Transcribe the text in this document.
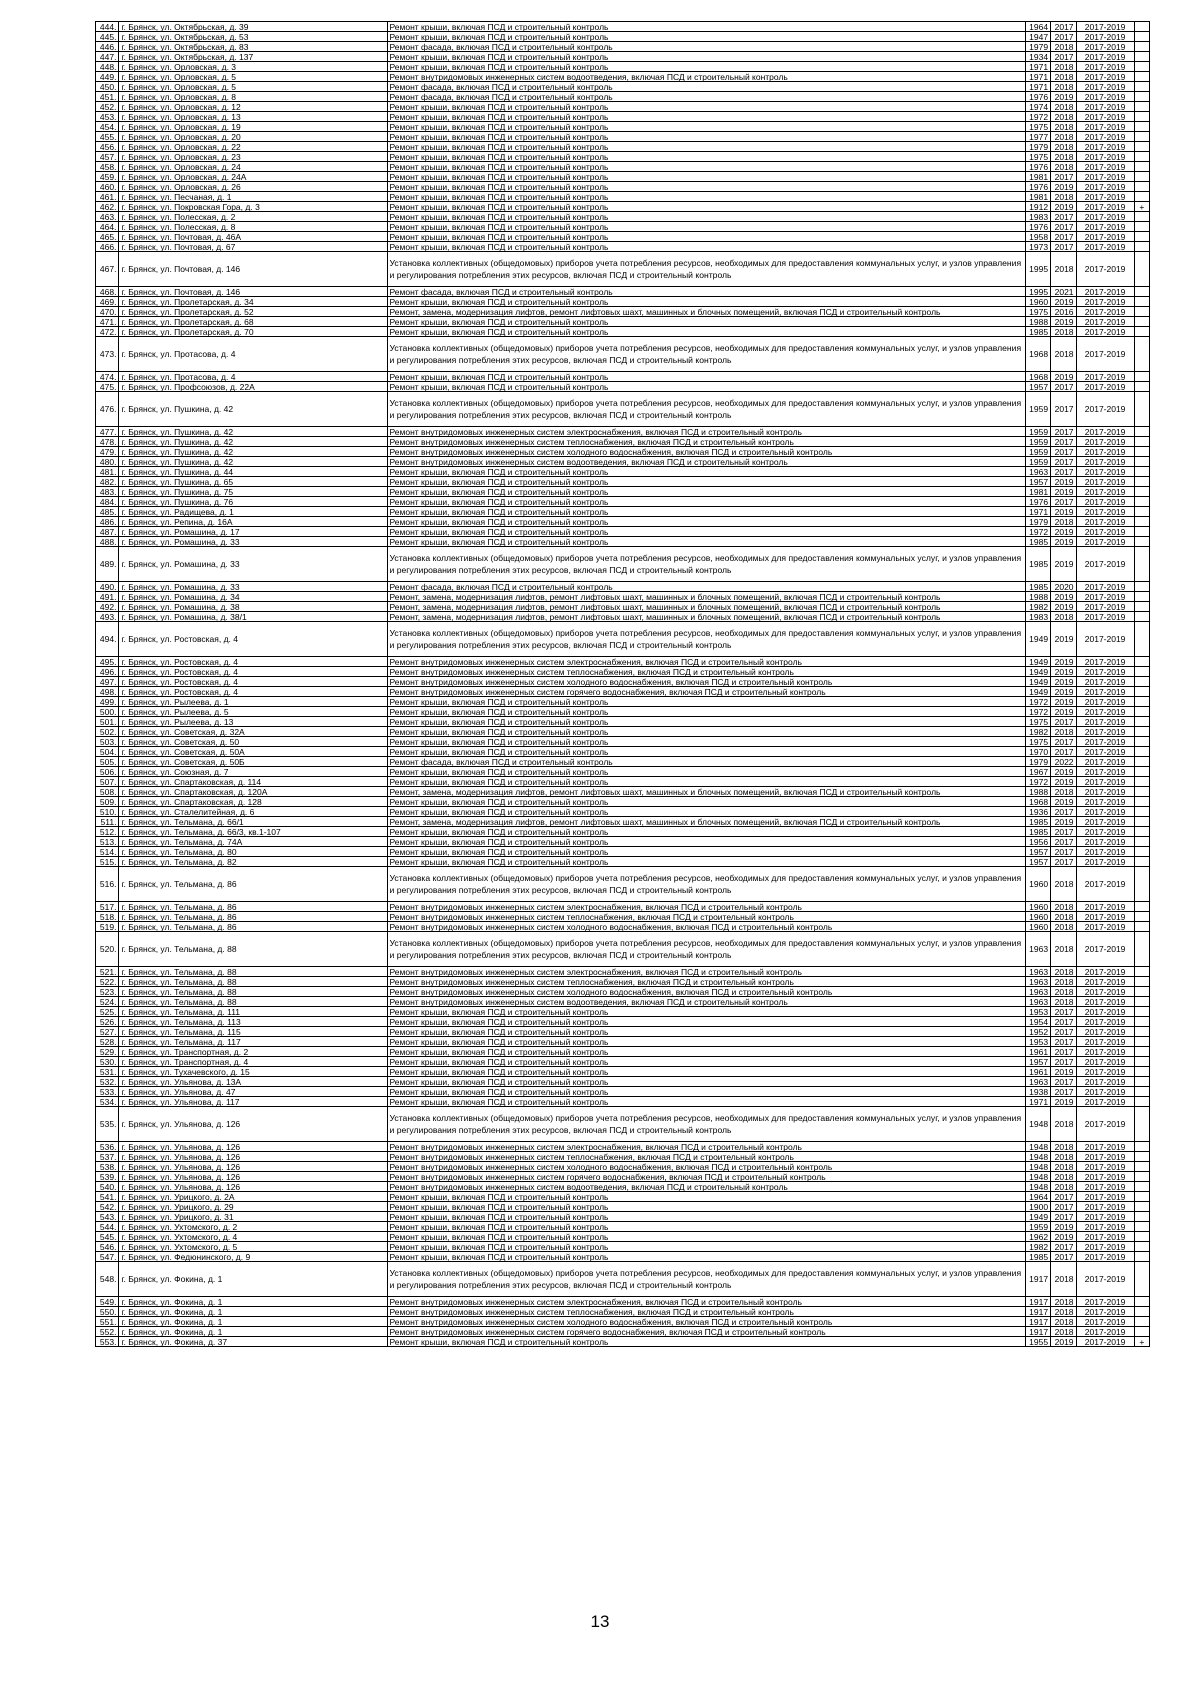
444.	г. Брянск, ул. Октябрьская, д. 39	Ремонт крыши, включая ПСД и строительный контроль	1964	2017	2017-2019	
445.	г. Брянск, ул. Октябрьская, д. 53	Ремонт крыши, включая ПСД и строительный контроль	1947	2017	2017-2019	
446.	г. Брянск, ул. Октябрьская, д. 83	Ремонт фасада, включая ПСД и строительный контроль	1979	2018	2017-2019	
447.	г. Брянск, ул. Октябрьская, д. 137	Ремонт крыши, включая ПСД и строительный контроль	1934	2017	2017-2019	
448.	г. Брянск, ул. Орловская, д. 3	Ремонт крыши, включая ПСД и строительный контроль	1971	2018	2017-2019	
449.	г. Брянск, ул. Орловская, д. 5	Ремонт внутридомовых инженерных систем водоотведения, включая ПСД и строительный контроль	1971	2018	2017-2019	
450.	г. Брянск, ул. Орловская, д. 5	Ремонт фасада, включая ПСД и строительный контроль	1971	2018	2017-2019	
451.	г. Брянск, ул. Орловская, д. 8	Ремонт фасада, включая ПСД и строительный контроль	1976	2019	2017-2019	
452.	г. Брянск, ул. Орловская, д. 12	Ремонт крыши, включая ПСД и строительный контроль	1974	2018	2017-2019	
453.	г. Брянск, ул. Орловская, д. 13	Ремонт крыши, включая ПСД и строительный контроль	1972	2018	2017-2019	
454.	г. Брянск, ул. Орловская, д. 19	Ремонт крыши, включая ПСД и строительный контроль	1975	2018	2017-2019	
455.	г. Брянск, ул. Орловская, д. 20	Ремонт крыши, включая ПСД и строительный контроль	1977	2018	2017-2019	
456.	г. Брянск, ул. Орловская, д. 22	Ремонт крыши, включая ПСД и строительный контроль	1979	2018	2017-2019	
457.	г. Брянск, ул. Орловская, д. 23	Ремонт крыши, включая ПСД и строительный контроль	1975	2018	2017-2019	
458.	г. Брянск, ул. Орловская, д. 24	Ремонт крыши, включая ПСД и строительный контроль	1976	2018	2017-2019	
459.	г. Брянск, ул. Орловская, д. 24А	Ремонт крыши, включая ПСД и строительный контроль	1981	2017	2017-2019	
460.	г. Брянск, ул. Орловская, д. 26	Ремонт крыши, включая ПСД и строительный контроль	1976	2019	2017-2019	
461.	г. Брянск, ул. Песчаная, д. 1	Ремонт крыши, включая ПСД и строительный контроль	1981	2018	2017-2019	
462.	г. Брянск, ул. Покровская Гора, д. 3	Ремонт крыши, включая ПСД и строительный контроль	1912	2019	2017-2019	+
463.	г. Брянск, ул. Полесская, д. 2	Ремонт крыши, включая ПСД и строительный контроль	1983	2017	2017-2019	
464.	г. Брянск, ул. Полесская, д. 8	Ремонт крыши, включая ПСД и строительный контроль	1976	2017	2017-2019	
465.	г. Брянск, ул. Почтовая, д. 46А	Ремонт крыши, включая ПСД и строительный контроль	1958	2017	2017-2019	
466.	г. Брянск, ул. Почтовая, д. 67	Ремонт крыши, включая ПСД и строительный контроль	1973	2017	2017-2019	
467.	г. Брянск, ул. Почтовая, д. 146	Установка коллективных (общедомовых) приборов учета потребления ресурсов, необходимых для предоставления коммунальных услуг, и узлов управления и регулирования потребления этих ресурсов, включая ПСД и строительный контроль	1995	2018	2017-2019	
468.	г. Брянск, ул. Почтовая, д. 146	Ремонт фасада, включая ПСД и строительный контроль	1995	2021	2017-2019	
469.	г. Брянск, ул. Пролетарская, д. 34	Ремонт крыши, включая ПСД и строительный контроль	1960	2019	2017-2019	
470.	г. Брянск, ул. Пролетарская, д. 52	Ремонт, замена, модернизация лифтов, ремонт лифтовых шахт, машинных и блочных помещений, включая ПСД и строительный контроль	1975	2016	2017-2019	
471.	г. Брянск, ул. Пролетарская, д. 68	Ремонт крыши, включая ПСД и строительный контроль	1988	2019	2017-2019	
472.	г. Брянск, ул. Пролетарская, д. 70	Ремонт крыши, включая ПСД и строительный контроль	1985	2018	2017-2019	
473.	г. Брянск, ул. Протасова, д. 4	Установка коллективных (общедомовых) приборов учета потребления ресурсов, необходимых для предоставления коммунальных услуг, и узлов управления и регулирования потребления этих ресурсов, включая ПСД и строительный контроль	1968	2018	2017-2019	
474.	г. Брянск, ул. Протасова, д. 4	Ремонт крыши, включая ПСД и строительный контроль	1968	2019	2017-2019	
475.	г. Брянск, ул. Профсоюзов, д. 22А	Ремонт крыши, включая ПСД и строительный контроль	1957	2017	2017-2019	
476.	г. Брянск, ул. Пушкина, д. 42	Установка коллективных (общедомовых) приборов учета потребления ресурсов, необходимых для предоставления коммунальных услуг, и узлов управления и регулирования потребления этих ресурсов, включая ПСД и строительный контроль	1959	2017	2017-2019	
477.	г. Брянск, ул. Пушкина, д. 42	Ремонт внутридомовых инженерных систем электроснабжения, включая ПСД и строительный контроль	1959	2017	2017-2019	
478.	г. Брянск, ул. Пушкина, д. 42	Ремонт внутридомовых инженерных систем теплоснабжения, включая ПСД и строительный контроль	1959	2017	2017-2019	
479.	г. Брянск, ул. Пушкина, д. 42	Ремонт внутридомовых инженерных систем холодного водоснабжения, включая ПСД и строительный контроль	1959	2017	2017-2019	
480.	г. Брянск, ул. Пушкина, д. 42	Ремонт внутридомовых инженерных систем водоотведения, включая ПСД и строительный контроль	1959	2017	2017-2019	
481.	г. Брянск, ул. Пушкина, д. 44	Ремонт крыши, включая ПСД и строительный контроль	1963	2017	2017-2019	
482.	г. Брянск, ул. Пушкина, д. 65	Ремонт крыши, включая ПСД и строительный контроль	1957	2019	2017-2019	
483.	г. Брянск, ул. Пушкина, д. 75	Ремонт крыши, включая ПСД и строительный контроль	1981	2019	2017-2019	
484.	г. Брянск, ул. Пушкина, д. 76	Ремонт крыши, включая ПСД и строительный контроль	1976	2017	2017-2019	
485.	г. Брянск, ул. Радищева, д. 1	Ремонт крыши, включая ПСД и строительный контроль	1971	2019	2017-2019	
486.	г. Брянск, ул. Репина, д. 16А	Ремонт крыши, включая ПСД и строительный контроль	1979	2018	2017-2019	
487.	г. Брянск, ул. Ромашина, д. 17	Ремонт крыши, включая ПСД и строительный контроль	1972	2019	2017-2019	
488.	г. Брянск, ул. Ромашина, д. 33	Ремонт крыши, включая ПСД и строительный контроль	1985	2019	2017-2019	
489.	г. Брянск, ул. Ромашина, д. 33	Установка коллективных (общедомовых) приборов учета потребления ресурсов, необходимых для предоставления коммунальных услуг, и узлов управления и регулирования потребления этих ресурсов, включая ПСД и строительный контроль	1985	2019	2017-2019	
490.	г. Брянск, ул. Ромашина, д. 33	Ремонт фасада, включая ПСД и строительный контроль	1985	2020	2017-2019	
491.	г. Брянск, ул. Ромашина, д. 34	Ремонт, замена, модернизация лифтов, ремонт лифтовых шахт, машинных и блочных помещений, включая ПСД и строительный контроль	1988	2019	2017-2019	
492.	г. Брянск, ул. Ромашина, д. 38	Ремонт, замена, модернизация лифтов, ремонт лифтовых шахт, машинных и блочных помещений, включая ПСД и строительный контроль	1982	2019	2017-2019	
493.	г. Брянск, ул. Ромашина, д. 38/1	Ремонт, замена, модернизация лифтов, ремонт лифтовых шахт, машинных и блочных помещений, включая ПСД и строительный контроль	1983	2018	2017-2019	
494.	г. Брянск, ул. Ростовская, д. 4	Установка коллективных (общедомовых) приборов учета потребления ресурсов, необходимых для предоставления коммунальных услуг, и узлов управления и регулирования потребления этих ресурсов, включая ПСД и строительный контроль	1949	2019	2017-2019	
495.	г. Брянск, ул. Ростовская, д. 4	Ремонт внутридомовых инженерных систем электроснабжения, включая ПСД и строительный контроль	1949	2019	2017-2019	
496.	г. Брянск, ул. Ростовская, д. 4	Ремонт внутридомовых инженерных систем теплоснабжения, включая ПСД и строительный контроль	1949	2019	2017-2019	
497.	г. Брянск, ул. Ростовская, д. 4	Ремонт внутридомовых инженерных систем холодного водоснабжения, включая ПСД и строительный контроль	1949	2019	2017-2019	
498.	г. Брянск, ул. Ростовская, д. 4	Ремонт внутридомовых инженерных систем горячего водоснабжения, включая ПСД и строительный контроль	1949	2019	2017-2019	
499.	г. Брянск, ул. Рылеева, д. 1	Ремонт крыши, включая ПСД и строительный контроль	1972	2019	2017-2019	
500.	г. Брянск, ул. Рылеева, д. 5	Ремонт крыши, включая ПСД и строительный контроль	1972	2019	2017-2019	
501.	г. Брянск, ул. Рылеева, д. 13	Ремонт крыши, включая ПСД и строительный контроль	1975	2017	2017-2019	
502.	г. Брянск, ул. Советская, д. 32А	Ремонт крыши, включая ПСД и строительный контроль	1982	2018	2017-2019	
503.	г. Брянск, ул. Советская, д. 50	Ремонт крыши, включая ПСД и строительный контроль	1975	2017	2017-2019	
504.	г. Брянск, ул. Советская, д. 50А	Ремонт крыши, включая ПСД и строительный контроль	1970	2017	2017-2019	
505.	г. Брянск, ул. Советская, д. 50Б	Ремонт фасада, включая ПСД и строительный контроль	1979	2022	2017-2019	
506.	г. Брянск, ул. Союзная, д. 7	Ремонт крыши, включая ПСД и строительный контроль	1967	2019	2017-2019	
507.	г. Брянск, ул. Спартаковская, д. 114	Ремонт крыши, включая ПСД и строительный контроль	1972	2019	2017-2019	
508.	г. Брянск, ул. Спартаковская, д. 120А	Ремонт, замена, модернизация лифтов, ремонт лифтовых шахт, машинных и блочных помещений, включая ПСД и строительный контроль	1988	2018	2017-2019	
509.	г. Брянск, ул. Спартаковская, д. 128	Ремонт крыши, включая ПСД и строительный контроль	1968	2019	2017-2019	
510.	г. Брянск, ул. Сталелитейная, д. 6	Ремонт крыши, включая ПСД и строительный контроль	1936	2017	2017-2019	
511.	г. Брянск, ул. Тельмана, д. 66/1	Ремонт, замена, модернизация лифтов, ремонт лифтовых шахт, машинных и блочных помещений, включая ПСД и строительный контроль	1985	2019	2017-2019	
512.	г. Брянск, ул. Тельмана, д. 66/3, кв.1-107	Ремонт крыши, включая ПСД и строительный контроль	1985	2017	2017-2019	
513.	г. Брянск, ул. Тельмана, д. 74А	Ремонт крыши, включая ПСД и строительный контроль	1956	2017	2017-2019	
514.	г. Брянск, ул. Тельмана, д. 80	Ремонт крыши, включая ПСД и строительный контроль	1957	2017	2017-2019	
515.	г. Брянск, ул. Тельмана, д. 82	Ремонт крыши, включая ПСД и строительный контроль	1957	2017	2017-2019	
516.	г. Брянск, ул. Тельмана, д. 86	Установка коллективных (общедомовых) приборов учета потребления ресурсов, необходимых для предоставления коммунальных услуг, и узлов управления и регулирования потребления этих ресурсов, включая ПСД и строительный контроль	1960	2018	2017-2019	
517.	г. Брянск, ул. Тельмана, д. 86	Ремонт внутридомовых инженерных систем электроснабжения, включая ПСД и строительный контроль	1960	2018	2017-2019	
518.	г. Брянск, ул. Тельмана, д. 86	Ремонт внутридомовых инженерных систем теплоснабжения, включая ПСД и строительный контроль	1960	2018	2017-2019	
519.	г. Брянск, ул. Тельмана, д. 86	Ремонт внутридомовых инженерных систем холодного водоснабжения, включая ПСД и строительный контроль	1960	2018	2017-2019	
520.	г. Брянск, ул. Тельмана, д. 88	Установка коллективных (общедомовых) приборов учета потребления ресурсов, необходимых для предоставления коммунальных услуг, и узлов управления и регулирования потребления этих ресурсов, включая ПСД и строительный контроль	1963	2018	2017-2019	
521.	г. Брянск, ул. Тельмана, д. 88	Ремонт внутридомовых инженерных систем электроснабжения, включая ПСД и строительный контроль	1963	2018	2017-2019	
522.	г. Брянск, ул. Тельмана, д. 88	Ремонт внутридомовых инженерных систем теплоснабжения, включая ПСД и строительный контроль	1963	2018	2017-2019	
523.	г. Брянск, ул. Тельмана, д. 88	Ремонт внутридомовых инженерных систем холодного водоснабжения, включая ПСД и строительный контроль	1963	2018	2017-2019	
524.	г. Брянск, ул. Тельмана, д. 88	Ремонт внутридомовых инженерных систем водоотведения, включая ПСД и строительный контроль	1963	2018	2017-2019	
525.	г. Брянск, ул. Тельмана, д. 111	Ремонт крыши, включая ПСД и строительный контроль	1953	2017	2017-2019	
526.	г. Брянск, ул. Тельмана, д. 113	Ремонт крыши, включая ПСД и строительный контроль	1954	2017	2017-2019	
527.	г. Брянск, ул. Тельмана, д. 115	Ремонт крыши, включая ПСД и строительный контроль	1952	2017	2017-2019	
528.	г. Брянск, ул. Тельмана, д. 117	Ремонт крыши, включая ПСД и строительный контроль	1953	2017	2017-2019	
529.	г. Брянск, ул. Транспортная, д. 2	Ремонт крыши, включая ПСД и строительный контроль	1961	2017	2017-2019	
530.	г. Брянск, ул. Транспортная, д. 4	Ремонт крыши, включая ПСД и строительный контроль	1957	2017	2017-2019	
531.	г. Брянск, ул. Тухачевского, д. 15	Ремонт крыши, включая ПСД и строительный контроль	1961	2019	2017-2019	
532.	г. Брянск, ул. Ульянова, д. 13А	Ремонт крыши, включая ПСД и строительный контроль	1963	2017	2017-2019	
533.	г. Брянск, ул. Ульянова, д. 47	Ремонт крыши, включая ПСД и строительный контроль	1938	2017	2017-2019	
534.	г. Брянск, ул. Ульянова, д. 117	Ремонт крыши, включая ПСД и строительный контроль	1971	2019	2017-2019	
535.	г. Брянск, ул. Ульянова, д. 126	Установка коллективных (общедомовых) приборов учета потребления ресурсов, необходимых для предоставления коммунальных услуг, и узлов управления и регулирования потребления этих ресурсов, включая ПСД и строительный контроль	1948	2018	2017-2019	
536.	г. Брянск, ул. Ульянова, д. 126	Ремонт внутридомовых инженерных систем электроснабжения, включая ПСД и строительный контроль	1948	2018	2017-2019	
537.	г. Брянск, ул. Ульянова, д. 126	Ремонт внутридомовых инженерных систем теплоснабжения, включая ПСД и строительный контроль	1948	2018	2017-2019	
538.	г. Брянск, ул. Ульянова, д. 126	Ремонт внутридомовых инженерных систем холодного водоснабжения, включая ПСД и строительный контроль	1948	2018	2017-2019	
539.	г. Брянск, ул. Ульянова, д. 126	Ремонт внутридомовых инженерных систем горячего водоснабжения, включая ПСД и строительный контроль	1948	2018	2017-2019	
540.	г. Брянск, ул. Ульянова, д. 126	Ремонт внутридомовых инженерных систем водоотведения, включая ПСД и строительный контроль	1948	2018	2017-2019	
541.	г. Брянск, ул. Урицкого, д. 2А	Ремонт крыши, включая ПСД и строительный контроль	1964	2017	2017-2019	
542.	г. Брянск, ул. Урицкого, д. 29	Ремонт крыши, включая ПСД и строительный контроль	1900	2017	2017-2019	
543.	г. Брянск, ул. Урицкого, д. 31	Ремонт крыши, включая ПСД и строительный контроль	1949	2017	2017-2019	
544.	г. Брянск, ул. Ухтомского, д. 2	Ремонт крыши, включая ПСД и строительный контроль	1959	2019	2017-2019	
545.	г. Брянск, ул. Ухтомского, д. 4	Ремонт крыши, включая ПСД и строительный контроль	1962	2019	2017-2019	
546.	г. Брянск, ул. Ухтомского, д. 5	Ремонт крыши, включая ПСД и строительный контроль	1982	2017	2017-2019	
547.	г. Брянск, ул. Федюнинского, д. 9	Ремонт крыши, включая ПСД и строительный контроль	1985	2017	2017-2019	
548.	г. Брянск, ул. Фокина, д. 1	Установка коллективных (общедомовых) приборов учета потребления ресурсов, необходимых для предоставления коммунальных услуг, и узлов управления и регулирования потребления этих ресурсов, включая ПСД и строительный контроль	1917	2018	2017-2019	
549.	г. Брянск, ул. Фокина, д. 1	Ремонт внутридомовых инженерных систем электроснабжения, включая ПСД и строительный контроль	1917	2018	2017-2019	
550.	г. Брянск, ул. Фокина, д. 1	Ремонт внутридомовых инженерных систем теплоснабжения, включая ПСД и строительный контроль	1917	2018	2017-2019	
551.	г. Брянск, ул. Фокина, д. 1	Ремонт внутридомовых инженерных систем холодного водоснабжения, включая ПСД и строительный контроль	1917	2018	2017-2019	
552.	г. Брянск, ул. Фокина, д. 1	Ремонт внутридомовых инженерных систем горячего водоснабжения, включая ПСД и строительный контроль	1917	2018	2017-2019	
553.	г. Брянск, ул. Фокина, д. 37	Ремонт крыши, включая ПСД и строительный контроль	1955	2019	2017-2019	+
13
